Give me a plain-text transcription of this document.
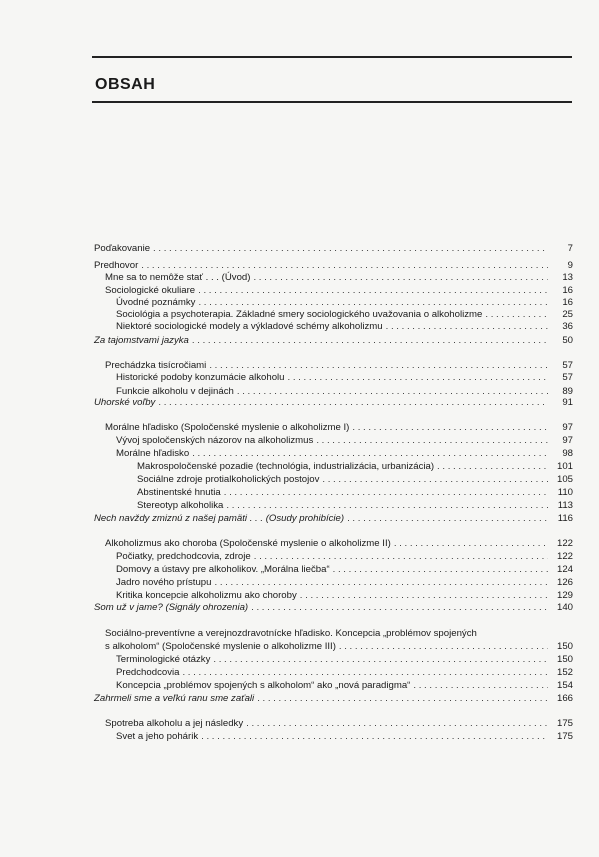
OBSAH
Poďakovanie . . .	7
Predhovor . . .	9
Mne sa to nemôže stať . . . (Úvod) . . .	13
Sociologické okuliare . . .	16
Úvodné poznámky . . .	16
Sociológia a psychoterapia. Základné smery sociologického uvažovania o alkoholizme . . .	25
Niektoré sociologické modely a výkladové schémy alkoholizmu . . .	36
Za tajomstvami jazyka . . .	50
Prechádzka tisícročiami . . .	57
Historické podoby konzumácie alkoholu . . .	57
Funkcie alkoholu v dejinách . . .	89
Uhorské voľby . . .	91
Morálne hľadisko (Spoločenské myslenie o alkoholizme I) . . .	97
Vývoj spoločenských názorov na alkoholizmus . . .	97
Morálne hľadisko . . .	98
Makrospoločenské pozadie (technológia, industrializácia, urbanizácia) . . .	101
Sociálne zdroje protialkoholických postojov . . .	105
Abstinentské hnutia . . .	110
Stereotyp alkoholika . . .	113
Nech navždy zmiznú z našej pamäti . . . (Osudy prohibície) . . .	116
Alkoholizmus ako choroba (Spoločenské myslenie o alkoholizme II) . . .	122
Počiatky, predchodcovia, zdroje . . .	122
Domovy a ústavy pre alkoholikov. „Morálna liečba“ . . .	124
Jadro nového prístupu . . .	126
Kritika koncepcie alkoholizmu ako choroby . . .	129
Som už v jame? (Signály ohrozenia) . . .	140
Sociálno-preventívne a verejnozdravotnícke hľadisko. Koncepcia „problémov spojených
s alkoholom“ (Spoločenské myslenie o alkoholizme III) . . .	150
Terminologické otázky . . .	150
Predchodcovia . . .	152
Koncepcia „problémov spojených s alkoholom“ ako „nová paradigma“ . . .	154
Zahrmeli sme a veľkú ranu sme zaťali . . .	166
Spotreba alkoholu a jej následky . . .	175
Svet a jeho pohárik . . .	175
